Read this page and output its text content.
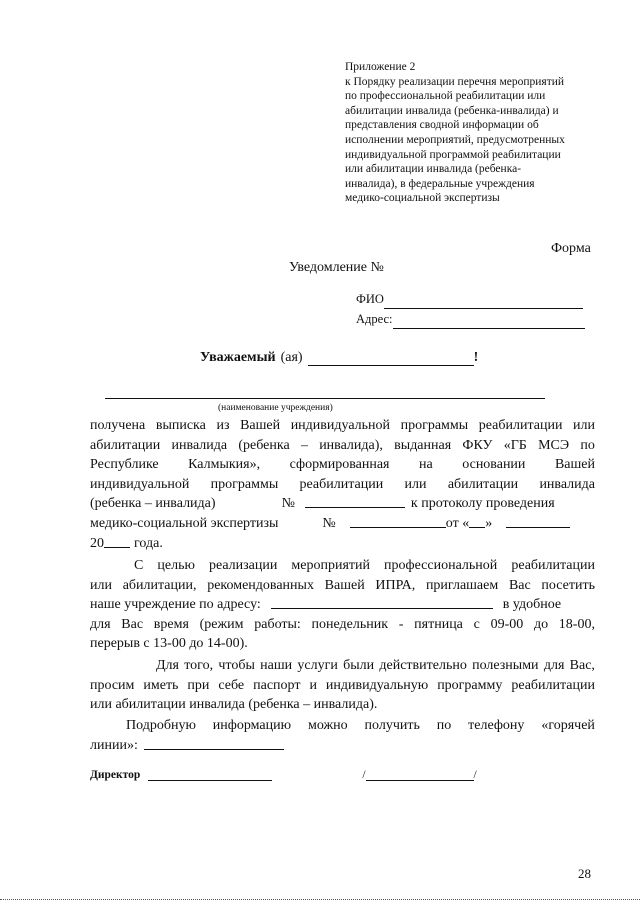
Приложение 2
к Порядку реализации перечня мероприятий
по профессиональной реабилитации или
абилитации инвалида (ребенка-инвалида) и
представления сводной информации об
исполнении мероприятий, предусмотренных
индивидуальной программой реабилитации
или абилитации инвалида (ребенка-
инвалида), в федеральные учреждения
медико-социальной экспертизы
Форма
Уведомление №
ФИО
Адрес:
Уважаемый (ая)	!
(наименование учреждения)
получена выписка из Вашей индивидуальной программы реабилитации или
абилитации инвалида (ребенка – инвалида), выданная ФКУ «ГБ МСЭ по
Республике Калмыкия», сформированная на основании Вашей
индивидуальной программы реабилитации или абилитации инвалида
(ребенка – инвалида)	№	к протоколу проведения
медико-социальной экспертизы	№	от « »
20 года.
С целью реализации мероприятий профессиональной реабилитации
или абилитации, рекомендованных Вашей ИПРА, приглашаем Вас посетить
наше учреждение по адресу:	в удобное
для Вас время (режим работы: понедельник - пятница с 09-00 до 18-00,
перерыв с 13-00 до 14-00).
Для того, чтобы наши услуги были действительно полезными для Вас,
просим иметь при себе паспорт и индивидуальную программу реабилитации
или абилитации инвалида (ребенка – инвалида).
Подробную информацию можно получить по телефону «горячей
линии»:
Директор	/	/
28
